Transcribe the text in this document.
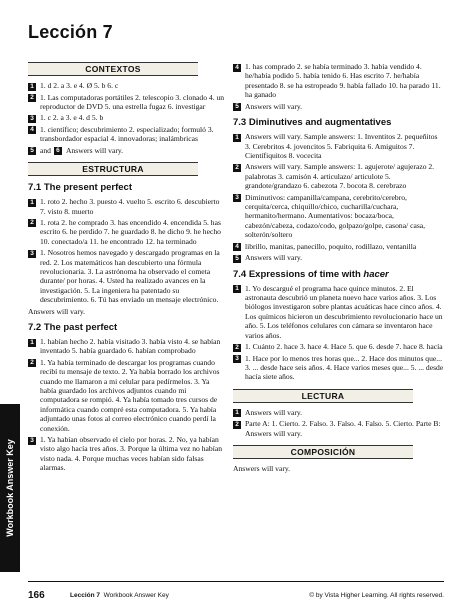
Workbook Answer Key
Lección 7
CONTEXTOS
1 1. d 2. a 3. e 4. Ø 5. b 6. c
2 1. Las computadoras portátiles 2. telescopio 3. clonado 4. un reproductor de DVD 5. una estrella fugaz 6. investigar
3 1. c 2. a 3. e 4. d 5. b
4 1. científico; descubrimiento 2. especializado; formuló 3. transbordador espacial 4. innovadoras; inalámbricas
5 and 6 Answers will vary.
ESTRUCTURA
7.1 The present perfect
1 1. roto 2. hecho 3. puesto 4. vuelto 5. escrito 6. descubierto 7. visto 8. muerto
2 1. rota 2. he comprado 3. has encendido 4. encendida 5. has escrito 6. he perdido 7. he guardado 8. he dicho 9. he hecho 10. conectado/a 11. he encontrado 12. ha terminado
3 1. Nosotros hemos navegado y descargado programas en la red. 2. Los matemáticos han descubierto una fórmula revolucionaria. 3. La astrónoma ha observado el cometa durante/ por horas. 4. Usted ha realizado avances en la investigación. 5. La ingeniera ha patentado su descubrimiento. 6. Tú has enviado un mensaje electrónico.
Answers will vary.
7.2 The past perfect
1 1. habían hecho 2. había visitado 3. había visto 4. se habían inventado 5. había guardado 6. habían comprobado
2 1. Ya había terminado de descargar los programas cuando recibí tu mensaje de texto. 2. Ya había borrado los archivos cuando me llamaron a mi celular para pedírmelos. 3. Ya había guardado los archivos adjuntos cuando mi computadora se rompió. 4. Ya había tomado tres cursos de informática cuando compré esta computadora. 5. Ya había adjuntado unas fotos al correo electrónico cuando perdí la conexión.
3 1. Ya habían observado el cielo por horas. 2. No, ya habían visto algo hacía tres años. 3. Porque la última vez no habían visto nada. 4. Porque muchas veces habían sido falsas alarmas.
4 1. has comprado 2. se había terminado 3. había vendido 4. he/había podido 5. había tenido 6. Has escrito 7. he/había presentado 8. se ha estropeado 9. había fallado 10. ha parado 11. ha ganado
5 Answers will vary.
7.3 Diminutives and augmentatives
1 Answers will vary. Sample answers: 1. Inventitos 2. pequeñitos 3. Cerebritos 4. jovencitos 5. Fabriquita 6. Amiguitos 7. Científiquitos 8. vocecita
2 Answers will vary. Sample answers: 1. agujerote/ agujerazo 2. palabrotas 3. camisón 4. articulazo/ articulote 5. grandote/grandazo 6. cabezota 7. bocota 8. cerebrazo
3 Diminutivos: campanilla/campana, cerebrito/cerebro, cerquita/cerca, chiquillo/chico, cucharilla/cuchara, hermanito/hermano. Aumentativos: bocaza/boca, cabezón/cabeza, codazo/codo, golpazo/golpe, casona/ casa, solterón/soltero
4 librillo, manitas, panecillo, poquito, rodillazo, ventanilla
5 Answers will vary.
7.4 Expressions of time with hacer
1 1. Yo descargué el programa hace quince minutos. 2. El astronauta descubrió un planeta nuevo hace varios años. 3. Los biólogos investigaron sobre plantas acuáticas hace cinco años. 4. Los químicos hicieron un descubrimiento revolucionario hace un año. 5. Los teléfonos celulares con cámara se inventaron hace varios años.
2 1. Cuánto 2. hace 3. hace 4. Hace 5. que 6. desde 7. hace 8. hacía
3 1. Hace por lo menos tres horas que... 2. Hace dos minutos que... 3. ... desde hace seis años. 4. Hace varios meses que... 5. ... desde hacía siete años.
LECTURA
1 Answers will vary.
2 Parte A: 1. Cierto. 2. Falso. 3. Falso. 4. Falso. 5. Cierto. Parte B: Answers will vary.
COMPOSICIÓN
Answers will vary.
166	Lección 7 Workbook Answer Key	© by Vista Higher Learning. All rights reserved.
